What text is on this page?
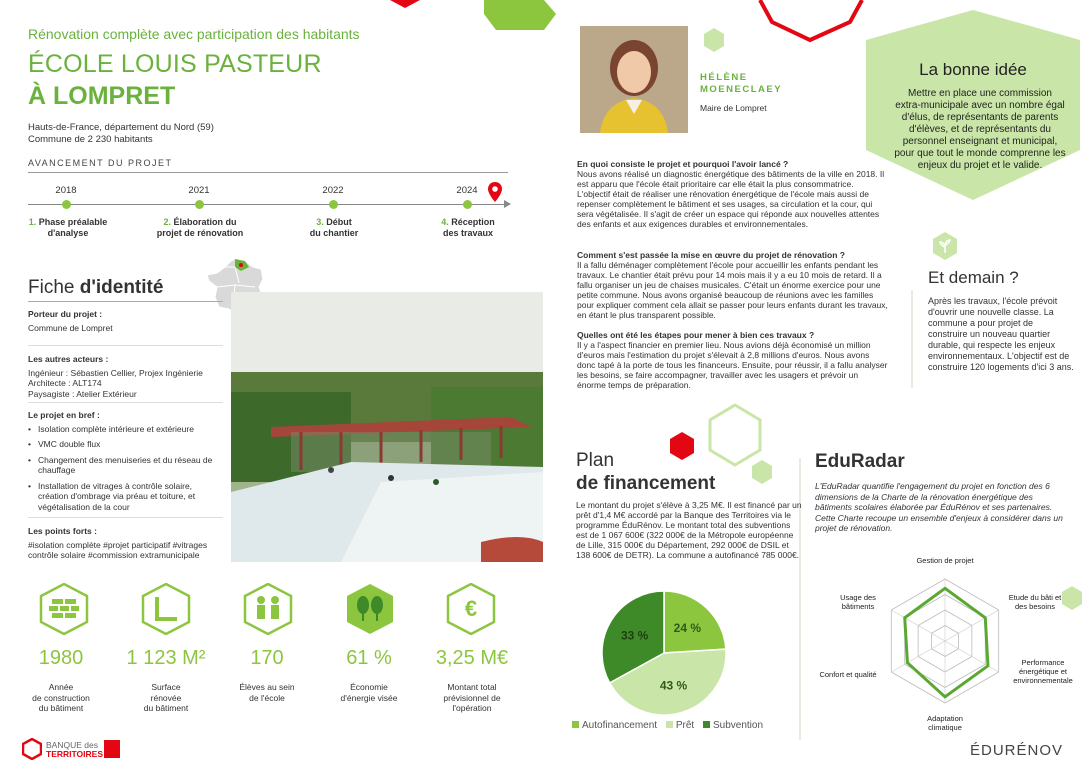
Rénovation complète avec participation des habitants
ÉCOLE LOUIS PASTEUR
À LOMPRET
Hauts-de-France, département du Nord (59)
Commune de 2 230 habitants
AVANCEMENT DU PROJET
2018
1. Phase préalable
d'analyse
2021
2. Élaboration du
projet de rénovation
2022
3. Début
du chantier
2024
4. Réception
des travaux
Fiche d'identité
Porteur du projet :
Commune de Lompret
Les autres acteurs :
Ingénieur : Sébastien Cellier, Projex Ingénierie
Architecte : ALT174
Paysagiste : Atelier Extérieur
Le projet en bref :
• Isolation complète intérieure et extérieure
• VMC double flux
• Changement des menuiseries et du réseau de chauffage
• Installation de vitrages à contrôle solaire, création d'ombrage via préau et toiture, et végétalisation de la cour
Les points forts :
#isolation complète #projet participatif #vitrages contrôle solaire #commission extramunicipale
HÉLÈNE
MOENECLAEY
Maire de Lompret
En quoi consiste le projet et pourquoi l'avoir lancé ?
Nous avons réalisé un diagnostic énergétique des bâtiments de la ville en 2018. Il est apparu que l'école était prioritaire car elle était la plus consommatrice. L'objectif était de réaliser une rénovation énergétique de l'école mais aussi de repenser complètement le bâtiment et ses usages, sa circulation et la cour, qui sera végétalisée. Il s'agit de créer un espace qui réponde aux nouvelles attentes des enfants et aux exigences durables et environnementales.
Comment s'est passée la mise en œuvre du projet de rénovation ?
Il a fallu déménager complètement l'école pour accueillir les enfants pendant les travaux. Le chantier était prévu pour 14 mois mais il y a eu 10 mois de retard. Il a fallu organiser un jeu de chaises musicales. C'était un énorme exercice pour une petite commune. Nous avons organisé beaucoup de réunions avec les familles pour expliquer comment cela allait se passer pour leurs enfants durant les travaux, en étant le plus transparent possible.
Quelles ont été les étapes pour mener à bien ces travaux ?
Il y a l'aspect financier en premier lieu. Nous avions déjà économisé un million d'euros mais l'estimation du projet s'élevait à 2,8 millions d'euros. Nous avons donc tapé à la porte de tous les financeurs. Ensuite, pour réussir, il a fallu analyser les besoins, se faire accompagner, travailler avec les usagers et prévoir un énorme temps de préparation.
La bonne idée
Mettre en place une commission extra-municipale avec un nombre égal d'élus, de représentants de parents d'élèves, et de représentants du personnel enseignant et municipal, pour que tout le monde comprenne les enjeux du projet et le valide.
Et demain ?
Après les travaux, l'école prévoit d'ouvrir une nouvelle classe. La commune a pour projet de construire un nouveau quartier durable, qui respecte les enjeux environnementaux. L'objectif est de construire 120 logements d'ici 3 ans.
Plan
de financement
Le montant du projet s'élève à 3,25 M€. Il est financé par un prêt d'1,4 M€ accordé par la Banque des Territoires via le programme ÉduRénov. Le montant total des subventions est de 1 067 600€ (322 000€ de la Métropole européenne de Lille, 315 000€ du Département, 292 000€ de DSIL et 138 600€ de DETR). La commune a autofinancé 785 000€.
24 %
43 %
33 %
Autofinancement Prêt Subvention
EduRadar
L'EduRadar quantifie l'engagement du projet en fonction des 6 dimensions de la Charte de la rénovation énergétique des bâtiments scolaires élaborée par ÉduRénov et ses partenaires. Cette Charte recoupe un ensemble d'enjeux à considérer dans un projet de rénovation.
Gestion de projet
Etude du bâti et
des besoins
Performance
énergétique et
environnementale
Adaptation
climatique
Confort et qualité
Usage des
bâtiments
€
1980	1 123 M²	170	61 %	3,25 M€
Année
de construction
du bâtiment
Surface
rénovée
du bâtiment
Élèves au sein
de l'école
Économie
d'énergie visée
Montant total
prévisionnel de
l'opération
BANQUE des
TERRITOIRES	ÉDURÉNOV
